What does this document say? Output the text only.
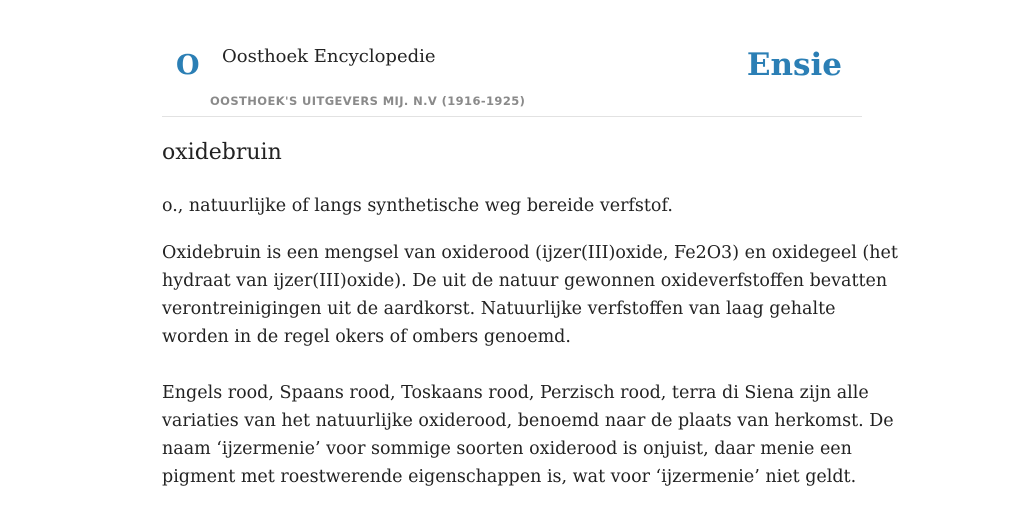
O Oosthoek Encyclopedie
OOSTHOEK'S UITGEVERS MIJ. N.V (1916-1925)
Ensie
oxidebruin

o., natuurlijke of langs synthetische weg bereide verfstof.

Oxidebruin is een mengsel van oxiderood (ijzer(III)oxide, Fe2O3) en oxidegeel (het
hydraat van ijzer(III)oxide). De uit de natuur gewonnen oxideverfstoffen bevatten
verontreinigingen uit de aardkorst. Natuurlijke verfstoffen van laag gehalte
worden in de regel okers of ombers genoemd.

Engels rood, Spaans rood, Toskaans rood, Perzisch rood, terra di Siena zijn alle
variaties van het natuurlijke oxiderood, benoemd naar de plaats van herkomst. De
naam ‘ijzermenie’ voor sommige soorten oxiderood is onjuist, daar menie een
pigment met roestwerende eigenschappen is, wat voor ‘ijzermenie’ niet geldt.
